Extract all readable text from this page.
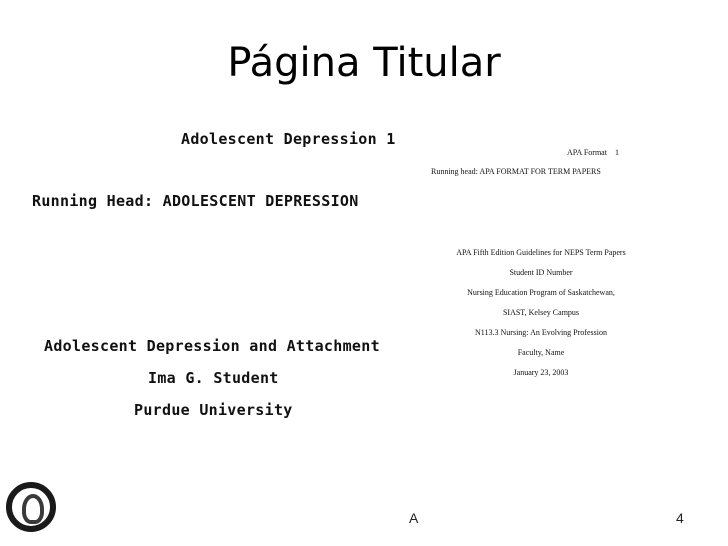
Página Titular
Adolescent Depression 1
Running Head: ADOLESCENT DEPRESSION
Adolescent Depression and Attachment
Ima G. Student
Purdue University
APA Format    1
Running head: APA FORMAT FOR TERM PAPERS
APA Fifth Edition Guidelines for NEPS Term Papers
Student ID Number
Nursing Education Program of Saskatchewan,
SIAST, Kelsey Campus
N113.3 Nursing: An Evolving Profession
Faculty, Name
January 23, 2003
A	4
